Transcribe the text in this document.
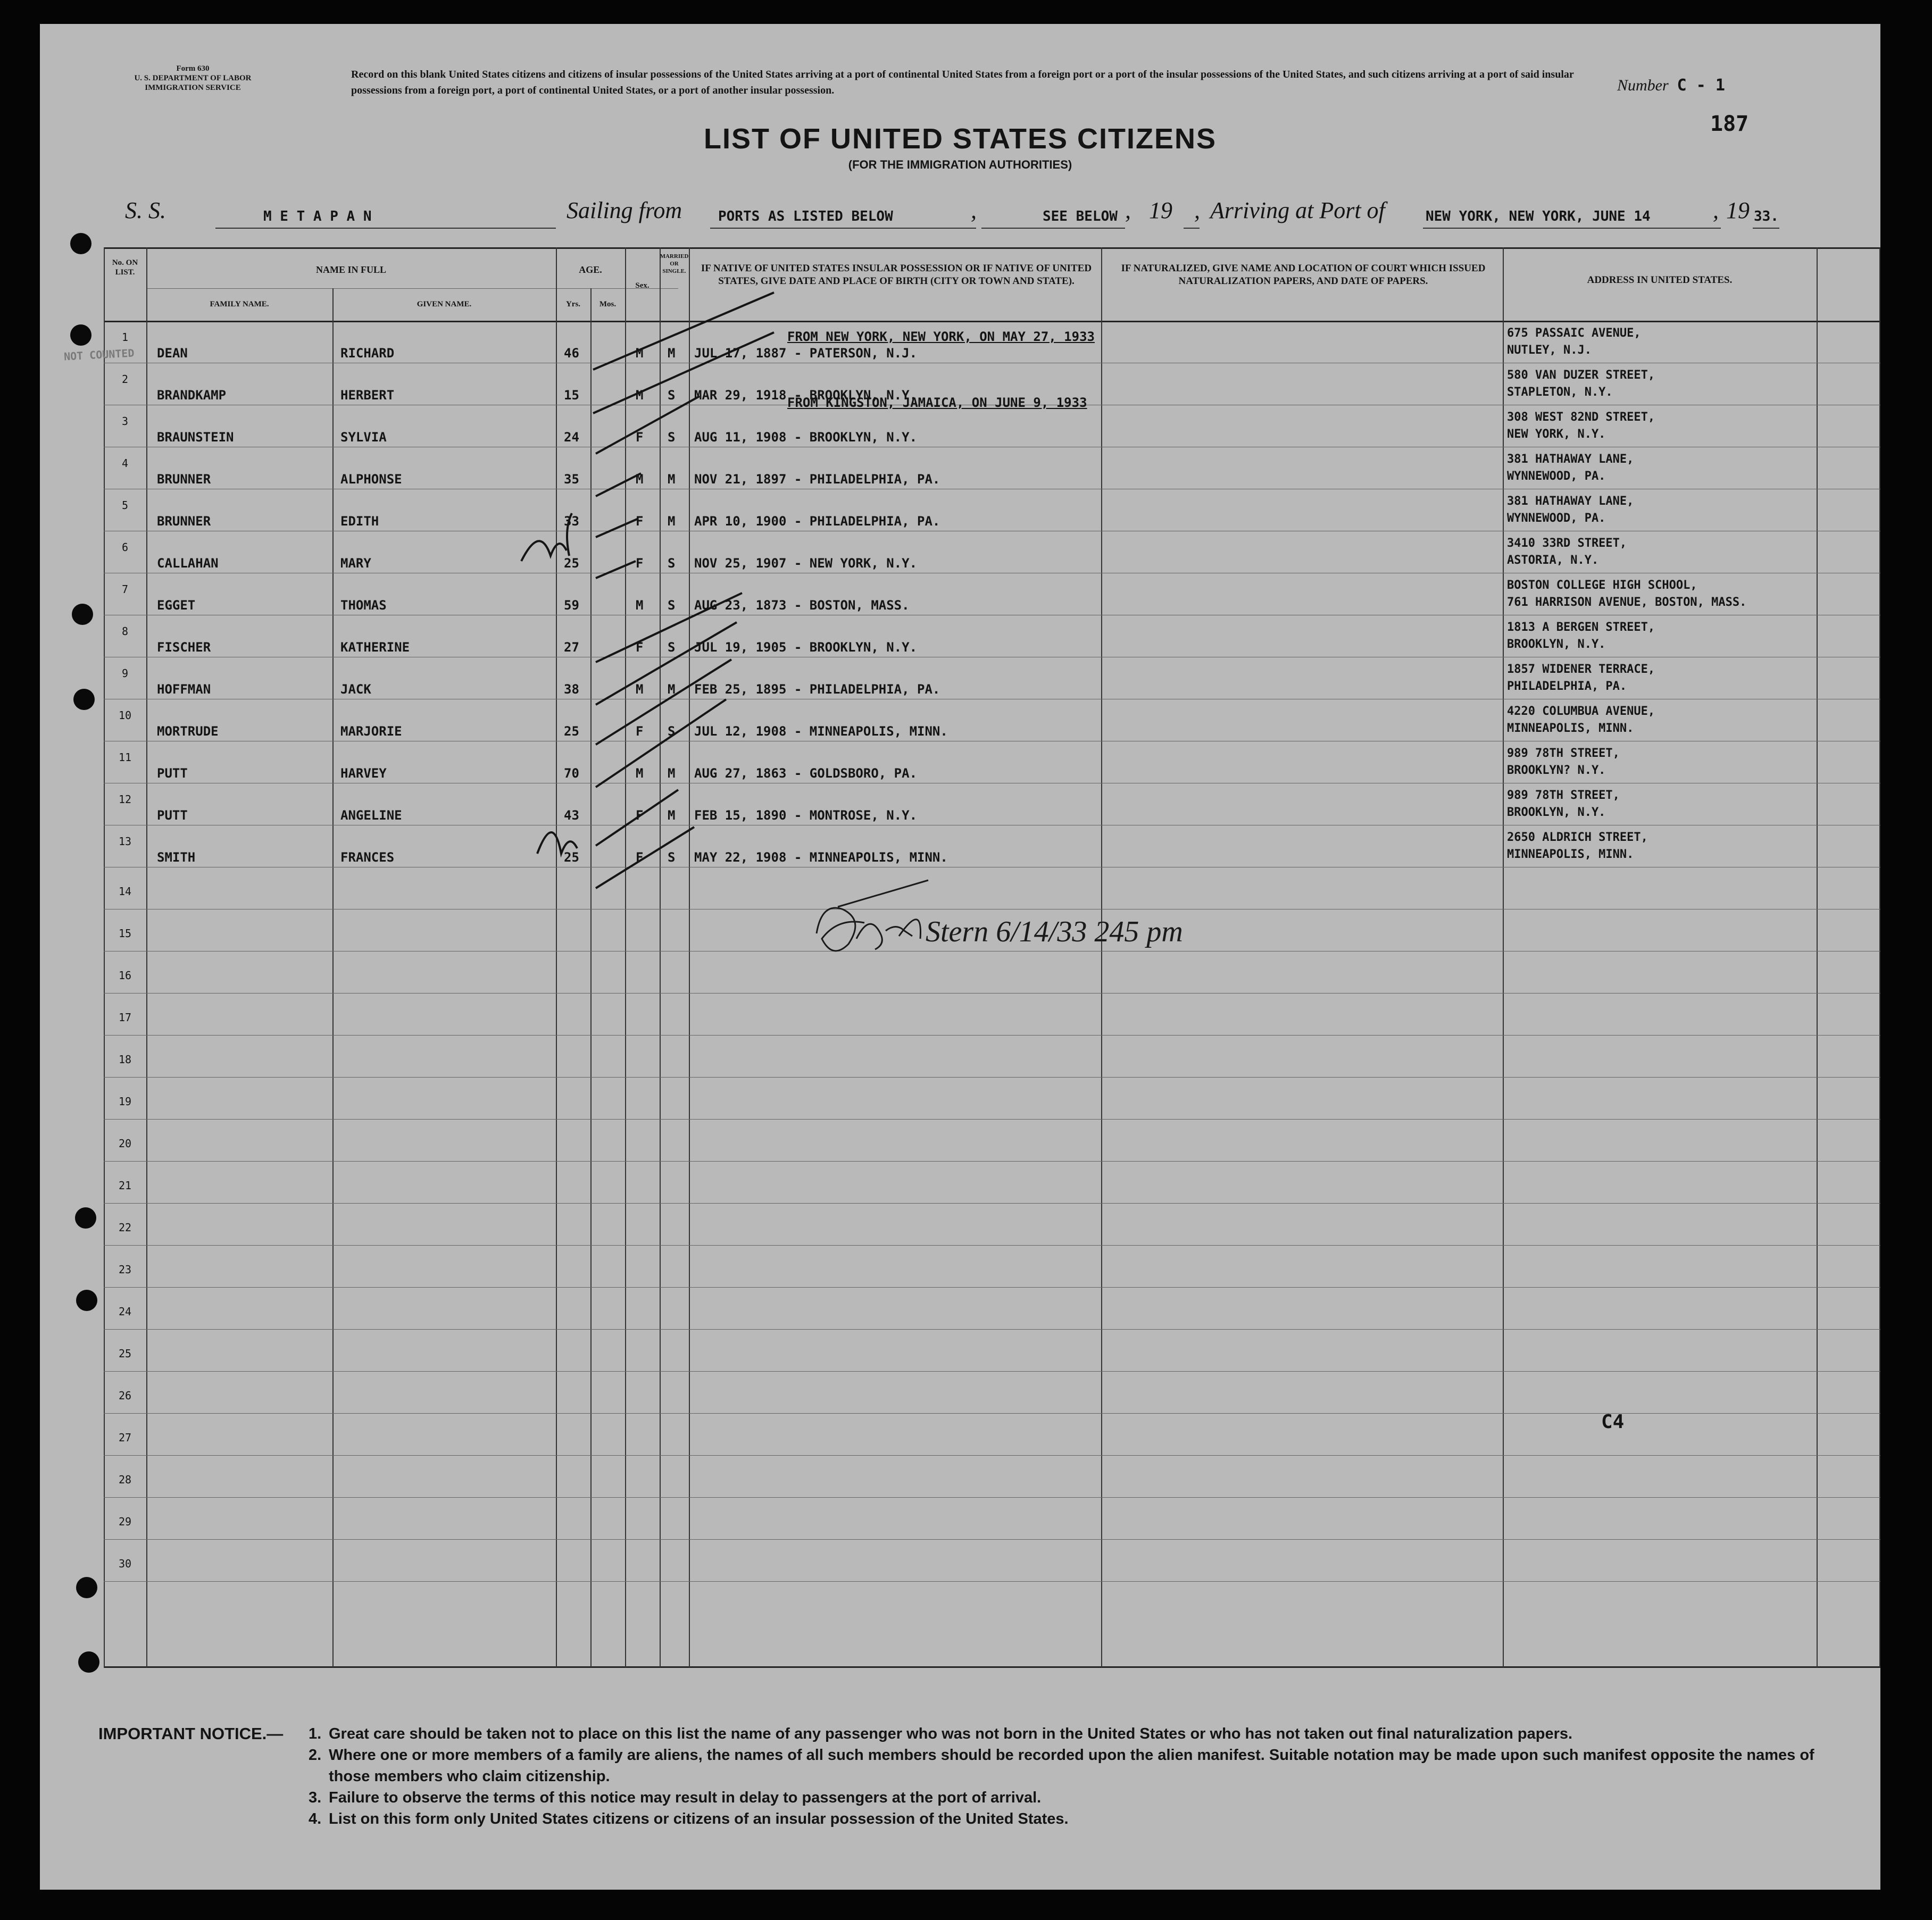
Form 630
U. S. DEPARTMENT OF LABOR
IMMIGRATION SERVICE
Record on this blank United States citizens and citizens of insular possessions of the United States arriving at a port of continental United States from a foreign port or a port of the insular possessions of the United States, and such citizens arriving at a port of said insular possessions from a foreign port, a port of continental United States, or a port of another insular possession.	Number C - 1
187
LIST OF UNITED STATES CITIZENS
(FOR THE IMMIGRATION AUTHORITIES)
S. S.	M E T A P A N	Sailing from	PORTS AS LISTED BELOW	,	SEE BELOW , 19 , Arriving at Port of	NEW YORK, NEW YORK, JUNE 14	, 19 33.
No. ON LIST.	NAME IN FULL
FAMILY NAME.	GIVEN NAME.
AGE.
Yrs.	Mos.
Sex.
MARRIED OR SINGLE.	IF NATIVE OF UNITED STATES INSULAR POSSESSION OR IF NATIVE OF UNITED STATES, GIVE DATE AND PLACE OF BIRTH (CITY OR TOWN AND STATE).
IF NATURALIZED, GIVE NAME AND LOCATION OF COURT WHICH ISSUED NATURALIZATION PAPERS, AND DATE OF PAPERS.	ADDRESS IN UNITED STATES.
1
DEAN	RICHARD	46	M M JUL 17, 1887 - PATERSON, N.J.
675 PASSAIC AVENUE,
NUTLEY, N.J.
2
BRANDKAMP	HERBERT	15	M S MAR 29, 1918 - BROOKLYN, N.Y.
580 VAN DUZER STREET,
STAPLETON, N.Y.
3
BRAUNSTEIN	SYLVIA	24	F S AUG 11, 1908 - BROOKLYN, N.Y.
308 WEST 82ND STREET,
NEW YORK, N.Y.
4
BRUNNER	ALPHONSE	35	M M NOV 21, 1897 - PHILADELPHIA, PA.
381 HATHAWAY LANE,
WYNNEWOOD, PA.
5
BRUNNER	EDITH	33	F M APR 10, 1900 - PHILADELPHIA, PA.
381 HATHAWAY LANE,
WYNNEWOOD, PA.
6
CALLAHAN	MARY	25	F S NOV 25, 1907 - NEW YORK, N.Y.
3410 33RD STREET,
ASTORIA, N.Y.
7
EGGET	THOMAS	59	M S AUG 23, 1873 - BOSTON, MASS.
BOSTON COLLEGE HIGH SCHOOL,
761 HARRISON AVENUE, BOSTON, MASS.
8
FISCHER	KATHERINE	27	F S JUL 19, 1905 - BROOKLYN, N.Y.
1813 A BERGEN STREET,
BROOKLYN, N.Y.
9
HOFFMAN	JACK	38	M M FEB 25, 1895 - PHILADELPHIA, PA.
1857 WIDENER TERRACE,
PHILADELPHIA, PA.
10
MORTRUDE	MARJORIE	25	F S JUL 12, 1908 - MINNEAPOLIS, MINN.
4220 COLUMBUA AVENUE,
MINNEAPOLIS, MINN.
11
PUTT	HARVEY	70	M M AUG 27, 1863 - GOLDSBORO, PA.
989 78TH STREET,
BROOKLYN? N.Y.
12
PUTT	ANGELINE	43	F M FEB 15, 1890 - MONTROSE, N.Y.
989 78TH STREET,
BROOKLYN, N.Y.
13
SMITH	FRANCES	25	F S MAY 22, 1908 - MINNEAPOLIS, MINN.
2650 ALDRICH STREET,
MINNEAPOLIS, MINN.
14
15
16
17
18
19
20
21
22
23
24
25
26
27
28
29
30
FROM NEW YORK, NEW YORK, ON MAY 27, 1933
FROM KINGSTON, JAMAICA, ON JUNE 9, 1933
Stern 6/14/33 245 pm
C4
NOT COUNTED
IMPORTANT NOTICE.— 1. Great care should be taken not to place on this list the name of any passenger who was not born in the United States or who has not taken out final naturalization papers.
2. Where one or more members of a family are aliens, the names of all such members should be recorded upon the alien manifest. Suitable notation may be made upon such manifest opposite the names of those members who claim citizenship.
3. Failure to observe the terms of this notice may result in delay to passengers at the port of arrival.
4. List on this form only United States citizens or citizens of an insular possession of the United States.
